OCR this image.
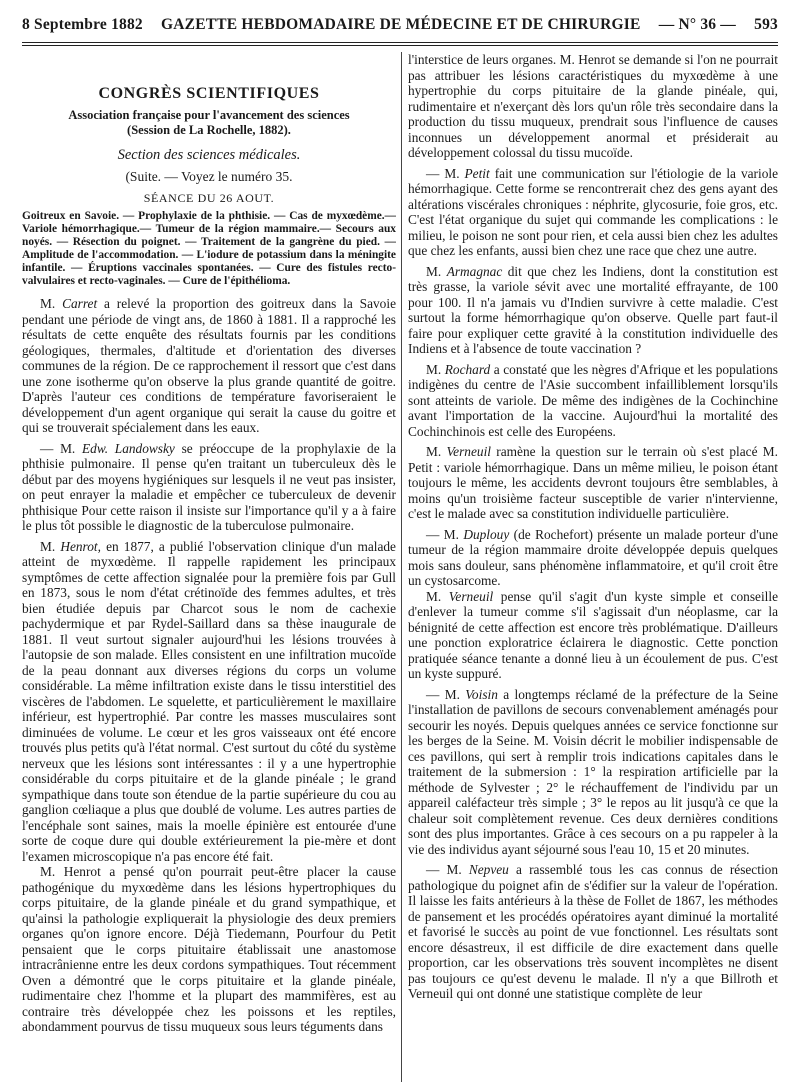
8 Septembre 1882 GAZETTE HEBDOMADAIRE DE MÉDECINE ET DE CHIRURGIE — N° 36 — 593
CONGRÈS SCIENTIFIQUES
Association française pour l'avancement des sciences
(Session de La Rochelle, 1882).
Section des sciences médicales.
(Suite. — Voyez le numéro 35.
SÉANCE DU 26 AOUT.
Goitreux en Savoie. — Prophylaxie de la phthisie. — Cas de myxœdème.—Variole hémorrhagique.— Tumeur de la région mammaire.— Secours aux noyés. — Résection du poignet. — Traitement de la gangrène du pied. — Amplitude de l'accommodation. — L'iodure de potassium dans la méningite infantile. — Éruptions vaccinales spontanées. — Cure des fistules recto-valvulaires et recto-vaginales. — Cure de l'épithélioma.

M. Carret a relevé la proportion des goitreux dans la Savoie pendant une période de vingt ans, de 1860 à 1881. Il a rapproché les résultats de cette enquête des résultats fournis par les conditions géologiques, thermales, d'altitude et d'orientation des diverses communes de la région. De ce rapprochement il ressort que c'est dans une zone isotherme qu'on observe la plus grande quantité de goitre. D'après l'auteur ces conditions de température favoriseraient le développement d'un agent organique qui serait la cause du goitre et qui se trouverait spécialement dans les eaux.

— M. Edw. Landowsky se préoccupe de la prophylaxie de la phthisie pulmonaire. Il pense qu'en traitant un tuberculeux dès le début par des moyens hygiéniques sur lesquels il ne veut pas insister, on peut enrayer la maladie et empêcher ce tuberculeux de devenir phthisique Pour cette raison il insiste sur l'importance qu'il y a à faire le plus tôt possible le diagnostic de la tuberculose pulmonaire.

M. Henrot, en 1877, a publié l'observation clinique d'un malade atteint de myxœdème. Il rappelle rapidement les principaux symptômes de cette affection signalée pour la première fois par Gull en 1873, sous le nom d'état crétinoïde des femmes adultes, et très bien étudiée depuis par Charcot sous le nom de cachexie pachydermique et par Rydel-Saillard dans sa thèse inaugurale de 1881. Il veut surtout signaler aujourd'hui les lésions trouvées à l'autopsie de son malade. Elles consistent en une infiltration mucoïde de la peau donnant aux diverses régions du corps un volume considérable. La même infiltration existe dans le tissu interstitiel des viscères de l'abdomen. Le squelette, et particulièrement le maxillaire inférieur, est hypertrophié. Par contre les masses musculaires sont diminuées de volume. Le cœur et les gros vaisseaux ont été encore trouvés plus petits qu'à l'état normal. C'est surtout du côté du système nerveux que les lésions sont intéressantes : il y a une hypertrophie considérable du corps pituitaire et de la glande pinéale ; le grand sympathique dans toute son étendue de la partie supérieure du cou au ganglion cœliaque a plus que doublé de volume. Les autres parties de l'encéphale sont saines, mais la moelle épinière est entourée d'une sorte de coque dure qui double extérieurement la pie-mère et dont l'examen microscopique n'a pas encore été fait.

M. Henrot a pensé qu'on pourrait peut-être placer la cause pathogénique du myxœdème dans les lésions hypertrophiques du corps pituitaire, de la glande pinéale et du grand sympathique, et qu'ainsi la pathologie expliquerait la physiologie des deux premiers organes qu'on ignore encore. Déjà Tiedemann, Pourfour du Petit pensaient que le corps pituitaire établissait une anastomose intracrânienne entre les deux cordons sympathiques. Tout récemment Oven a démontré que le corps pituitaire et la glande pinéale, rudimentaire chez l'homme et la plupart des mammifères, est au contraire très développée chez les poissons et les reptiles, abondamment pourvus de tissu muqueux sous leurs téguments dans

l'interstice de leurs organes. M. Henrot se demande si l'on ne pourrait pas attribuer les lésions caractéristiques du myxœdème à une hypertrophie du corps pituitaire de la glande pinéale, qui, rudimentaire et n'exerçant dès lors qu'un rôle très secondaire dans la production du tissu muqueux, prendrait sous l'influence de causes inconnues un développement anormal et présiderait au développement colossal du tissu mucoïde.

— M. Petit fait une communication sur l'étiologie de la variole hémorrhagique. Cette forme se rencontrerait chez des gens ayant des altérations viscérales chroniques : néphrite, glycosurie, foie gros, etc. C'est l'état organique du sujet qui commande les complications : le milieu, le poison ne sont pour rien, et cela aussi bien chez les adultes que chez les enfants, aussi bien chez une race que chez une autre.

M. Armagnac dit que chez les Indiens, dont la constitution est très grasse, la variole sévit avec une mortalité effrayante, de 100 pour 100. Il n'a jamais vu d'Indien survivre à cette maladie. C'est surtout la forme hémorrhagique qu'on observe. Quelle part faut-il faire pour expliquer cette gravité à la constitution individuelle des Indiens et à l'absence de toute vaccination ?

M. Rochard a constaté que les nègres d'Afrique et les populations indigènes du centre de l'Asie succombent infailliblement lorsqu'ils sont atteints de variole. De même des indigènes de la Cochinchine avant l'importation de la vaccine. Aujourd'hui la mortalité des Cochinchinois est celle des Européens.

M. Verneuil ramène la question sur le terrain où s'est placé M. Petit : variole hémorrhagique. Dans un même milieu, le poison étant toujours le même, les accidents devront toujours être semblables, à moins qu'un troisième facteur susceptible de varier n'intervienne, c'est le malade avec sa constitution individuelle particulière.

— M. Duplouy (de Rochefort) présente un malade porteur d'une tumeur de la région mammaire droite développée depuis quelques mois sans douleur, sans phénomène inflammatoire, et qu'il croit être un cystosarcome.

M. Verneuil pense qu'il s'agit d'un kyste simple et conseille d'enlever la tumeur comme s'il s'agissait d'un néoplasme, car la bénignité de cette affection est encore très problématique. D'ailleurs une ponction exploratrice éclairera le diagnostic. Cette ponction pratiquée séance tenante a donné lieu à un écoulement de pus. C'est un kyste suppuré.

— M. Voisin a longtemps réclamé de la préfecture de la Seine l'installation de pavillons de secours convenablement aménagés pour secourir les noyés. Depuis quelques années ce service fonctionne sur les berges de la Seine. M. Voisin décrit le mobilier indispensable de ces pavillons, qui sert à remplir trois indications capitales dans le traitement de la submersion : 1° la respiration artificielle par la méthode de Sylvester ; 2° le réchauffement de l'individu par un appareil caléfacteur très simple ; 3° le repos au lit jusqu'à ce que la chaleur soit complètement revenue. Ces deux dernières conditions sont des plus importantes. Grâce à ces secours on a pu rappeler à la vie des individus ayant séjourné sous l'eau 10, 15 et 20 minutes.

— M. Nepveu a rassemblé tous les cas connus de résection pathologique du poignet afin de s'édifier sur la valeur de l'opération. Il laisse les faits antérieurs à la thèse de Follet de 1867, les méthodes de pansement et les procédés opératoires ayant diminué la mortalité et favorisé le succès au point de vue fonctionnel. Les résultats sont encore désastreux, il est difficile de dire exactement dans quelle proportion, car les observations très souvent incomplètes ne disent pas toujours ce qu'est devenu le malade. Il n'y a que Billroth et Verneuil qui ont donné une statistique complète de leur
